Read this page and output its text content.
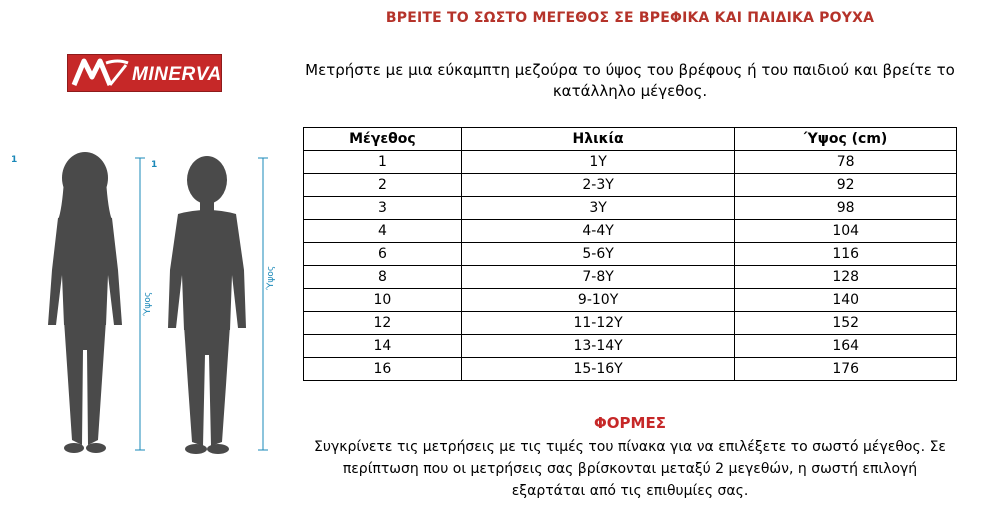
ΒΡΕΙΤΕ ΤΟ ΣΩΣΤΟ ΜΕΓΕΘΟΣ ΣΕ ΒΡΕΦΙΚΑ ΚΑΙ ΠΑΙΔΙΚΑ ΡΟΥΧΑ
MINERVA	Μετρήστε με μια εύκαμπτη μεζούρα το ύψος του βρέφους ή του παιδιού και βρείτε το κατάλληλο μέγεθος.
1	1
Ύψος
Ύψος
Μέγεθος	Ηλικία	Ύψος (cm)
1	1Y	78
2	2-3Y	92
3	3Y	98
4	4-4Y	104
6	5-6Y	116
8	7-8Y	128
10	9-10Y	140
12	11-12Y	152
14	13-14Y	164
16	15-16Y	176
ΦΟΡΜΕΣ
Συγκρίνετε τις μετρήσεις με τις τιμές του πίνακα για να επιλέξετε το σωστό μέγεθος. Σε περίπτωση που οι μετρήσεις σας βρίσκονται μεταξύ 2 μεγεθών, η σωστή επιλογή εξαρτάται από τις επιθυμίες σας.
